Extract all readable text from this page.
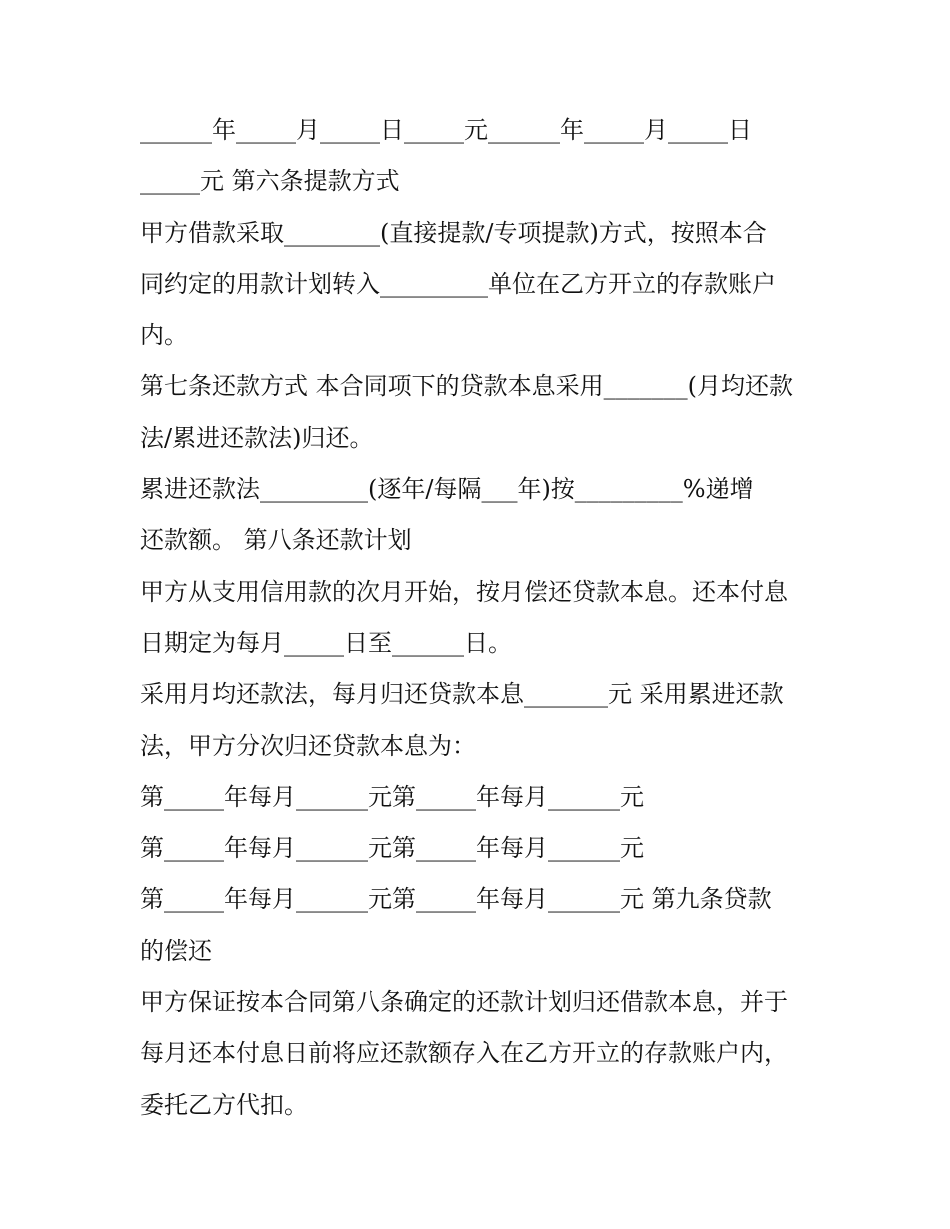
______年_____月_____日_____元______年_____月_____日
_____元 第六条提款方式
甲方借款采取________(直接提款/专项提款)方式，按照本合
同约定的用款计划转入_________单位在乙方开立的存款账户
内。
第七条还款方式 本合同项下的贷款本息采用_______(月均还款
法/累进还款法)归还。
累进还款法_________(逐年/每隔___年)按_________%递增
还款额。 第八条还款计划
甲方从支用信用款的次月开始，按月偿还贷款本息。还本付息
日期定为每月_____日至______日。
采用月均还款法，每月归还贷款本息_______元 采用累进还款
法，甲方分次归还贷款本息为：
第_____年每月______元第_____年每月______元
第_____年每月______元第_____年每月______元
第_____年每月______元第_____年每月______元 第九条贷款
的偿还
甲方保证按本合同第八条确定的还款计划归还借款本息，并于
每月还本付息日前将应还款额存入在乙方开立的存款账户内，
委托乙方代扣。
